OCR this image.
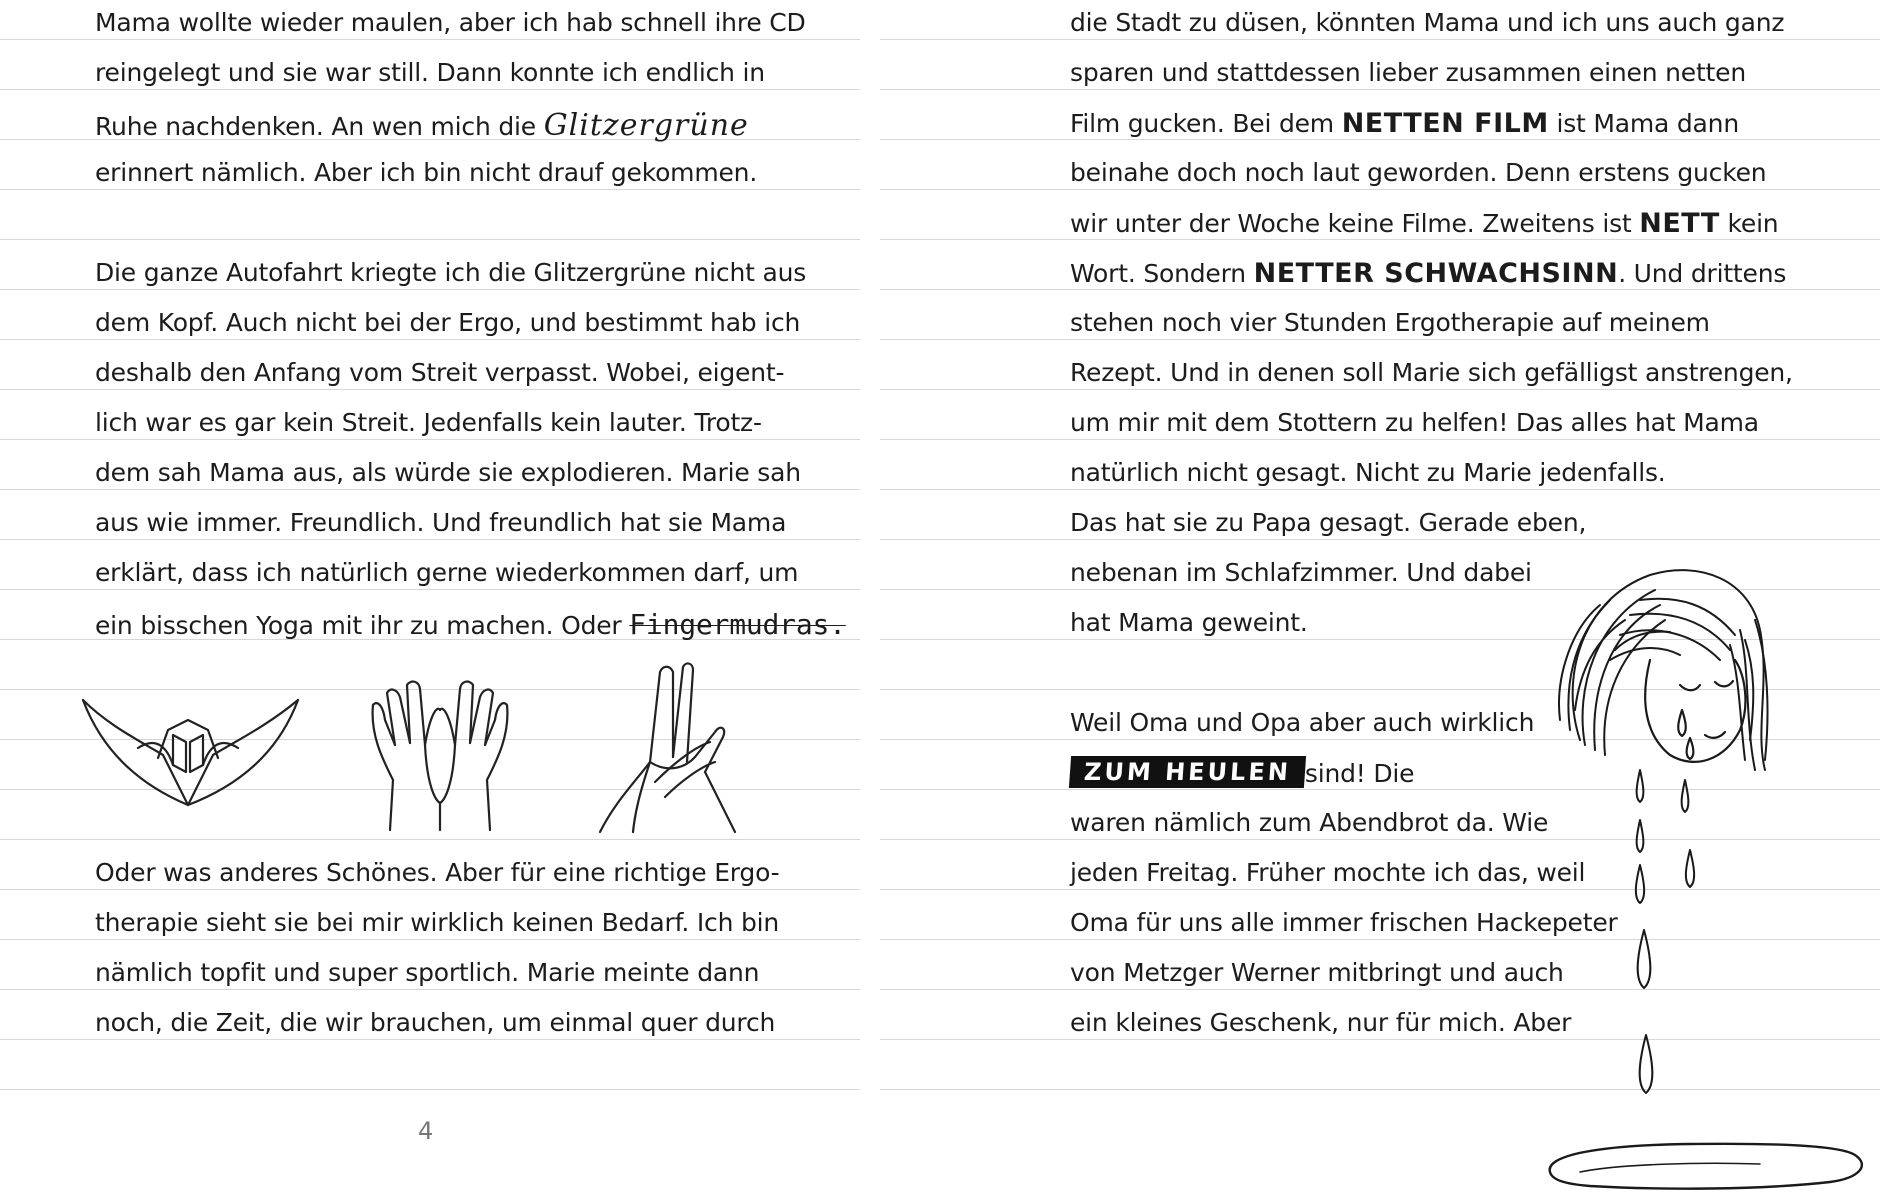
Mama wollte wieder maulen, aber ich hab schnell ihre CD
reingelegt und sie war still. Dann konnte ich endlich in
Ruhe nachdenken. An wen mich die Glitzergrüne
erinnert nämlich. Aber ich bin nicht drauf gekommen.
Die ganze Autofahrt kriegte ich die Glitzergrüne nicht aus
dem Kopf. Auch nicht bei der Ergo, und bestimmt hab ich
deshalb den Anfang vom Streit verpasst. Wobei, eigent-
lich war es gar kein Streit. Jedenfalls kein lauter. Trotz-
dem sah Mama aus, als würde sie explodieren. Marie sah
aus wie immer. Freundlich. Und freundlich hat sie Mama
erklärt, dass ich natürlich gerne wiederkommen darf, um
ein bisschen Yoga mit ihr zu machen. Oder Fingermudras.
Oder was anderes Schönes. Aber für eine richtige Ergo-
therapie sieht sie bei mir wirklich keinen Bedarf. Ich bin
nämlich topfit und super sportlich. Marie meinte dann
noch, die Zeit, die wir brauchen, um einmal quer durch
4
die Stadt zu düsen, könnten Mama und ich uns auch ganz
sparen und stattdessen lieber zusammen einen netten
Film gucken. Bei dem NETTEN FILM ist Mama dann
beinahe doch noch laut geworden. Denn erstens gucken
wir unter der Woche keine Filme. Zweitens ist NETT kein
Wort. Sondern NETTER SCHWACHSINN. Und drittens
stehen noch vier Stunden Ergotherapie auf meinem
Rezept. Und in denen soll Marie sich gefälligst anstrengen,
um mir mit dem Stottern zu helfen! Das alles hat Mama
natürlich nicht gesagt. Nicht zu Marie jedenfalls.
Das hat sie zu Papa gesagt. Gerade eben,
nebenan im Schlafzimmer. Und dabei
hat Mama geweint.
Weil Oma und Opa aber auch wirklich
ZUM HEULEN sind! Die
waren nämlich zum Abendbrot da. Wie
jeden Freitag. Früher mochte ich das, weil
Oma für uns alle immer frischen Hackepeter
von Metzger Werner mitbringt und auch
ein kleines Geschenk, nur für mich. Aber
